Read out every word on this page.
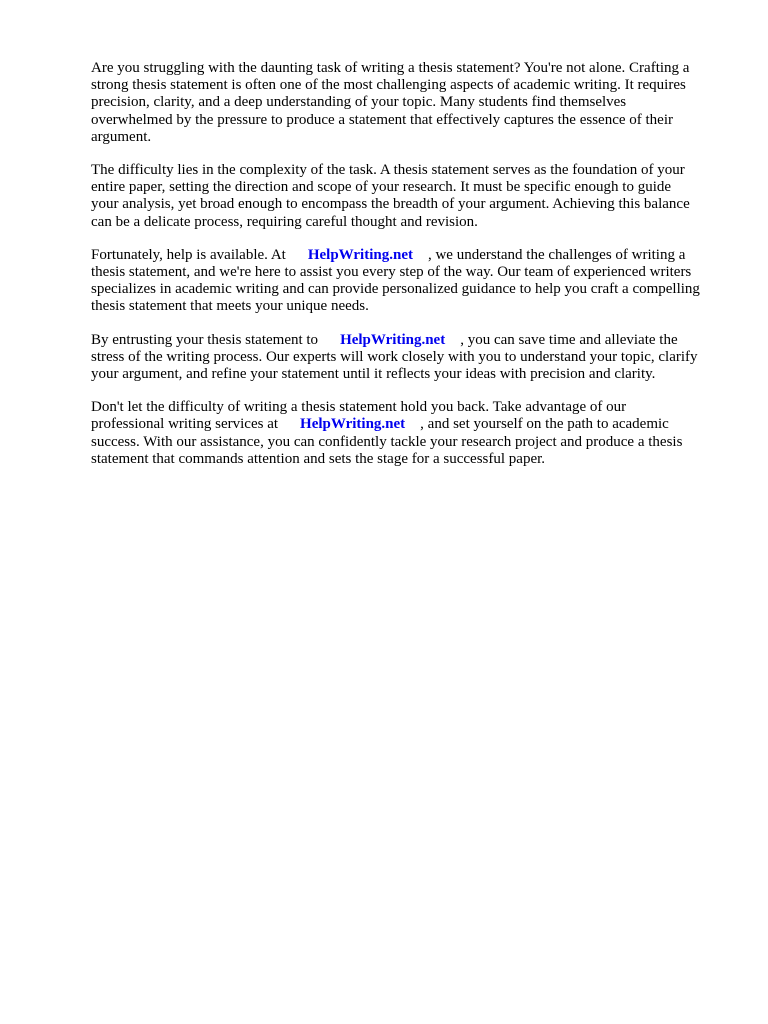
Are you struggling with the daunting task of writing a thesis statement? You're not alone. Crafting a
strong thesis statement is often one of the most challenging aspects of academic writing. It requires
precision, clarity, and a deep understanding of your topic. Many students find themselves
overwhelmed by the pressure to produce a statement that effectively captures the essence of their
argument.

The difficulty lies in the complexity of the task. A thesis statement serves as the foundation of your
entire paper, setting the direction and scope of your research. It must be specific enough to guide
your analysis, yet broad enough to encompass the breadth of your argument. Achieving this balance
can be a delicate process, requiring careful thought and revision.

Fortunately, help is available. At HelpWriting.net , we understand the challenges of writing a
thesis statement, and we're here to assist you every step of the way. Our team of experienced writers
specializes in academic writing and can provide personalized guidance to help you craft a compelling
thesis statement that meets your unique needs.

By entrusting your thesis statement to HelpWriting.net , you can save time and alleviate the
stress of the writing process. Our experts will work closely with you to understand your topic, clarify
your argument, and refine your statement until it reflects your ideas with precision and clarity.

Don't let the difficulty of writing a thesis statement hold you back. Take advantage of our
professional writing services at HelpWriting.net , and set yourself on the path to academic
success. With our assistance, you can confidently tackle your research project and produce a thesis
statement that commands attention and sets the stage for a successful paper.
